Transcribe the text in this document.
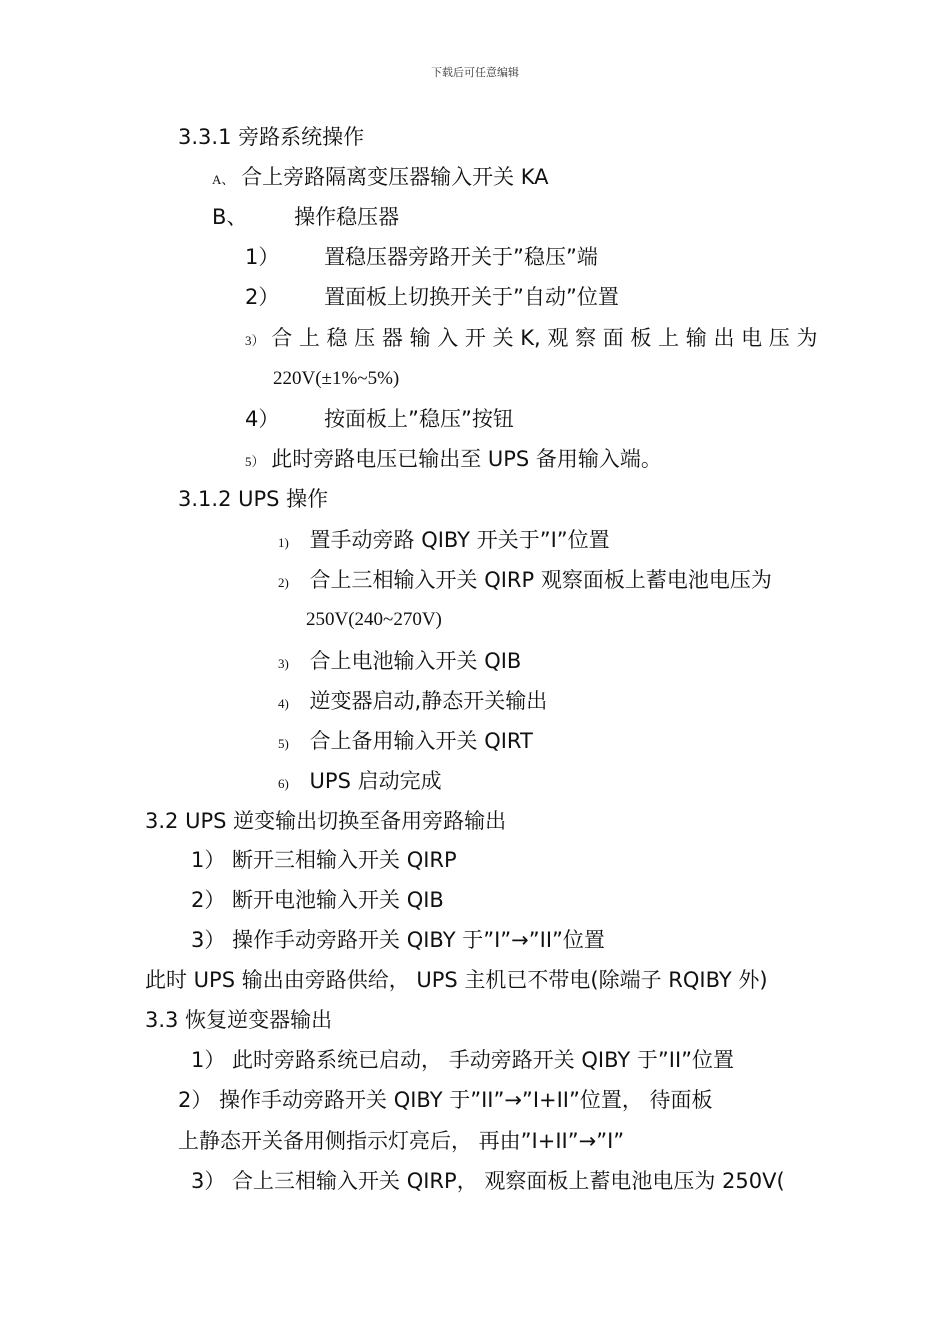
下载后可任意编辑
3.3.1 旁路系统操作
A、 合上旁路隔离变压器输入开关 KA
B、 操作稳压器
1） 置稳压器旁路开关于”稳压”端
2） 置面板上切换开关于”自动”位置
3） 合 上 稳 压 器 输 入 开 关 K, 观 察 面 板 上 输 出 电 压 为
220V(±1%~5%)
4） 按面板上”稳压”按钮
5） 此时旁路电压已输出至 UPS 备用输入端。
3.1.2 UPS 操作
1) 置手动旁路 QIBY 开关于”I”位置
2) 合上三相输入开关 QIRP 观察面板上蓄电池电压为
250V(240~270V)
3) 合上电池输入开关 QIB
4) 逆变器启动,静态开关输出
5) 合上备用输入开关 QIRT
6) UPS 启动完成
3.2 UPS 逆变输出切换至备用旁路输出
1） 断开三相输入开关 QIRP
2） 断开电池输入开关 QIB
3） 操作手动旁路开关 QIBY 于”I”→”II”位置
此时 UPS 输出由旁路供给， UPS 主机已不带电(除端子 RQIBY 外)
3.3 恢复逆变器输出
1） 此时旁路系统已启动， 手动旁路开关 QIBY 于”II”位置
2） 操作手动旁路开关 QIBY 于”II”→”I+II”位置， 待面板
上静态开关备用侧指示灯亮后， 再由”I+II”→”I”
3） 合上三相输入开关 QIRP， 观察面板上蓄电池电压为 250V(
